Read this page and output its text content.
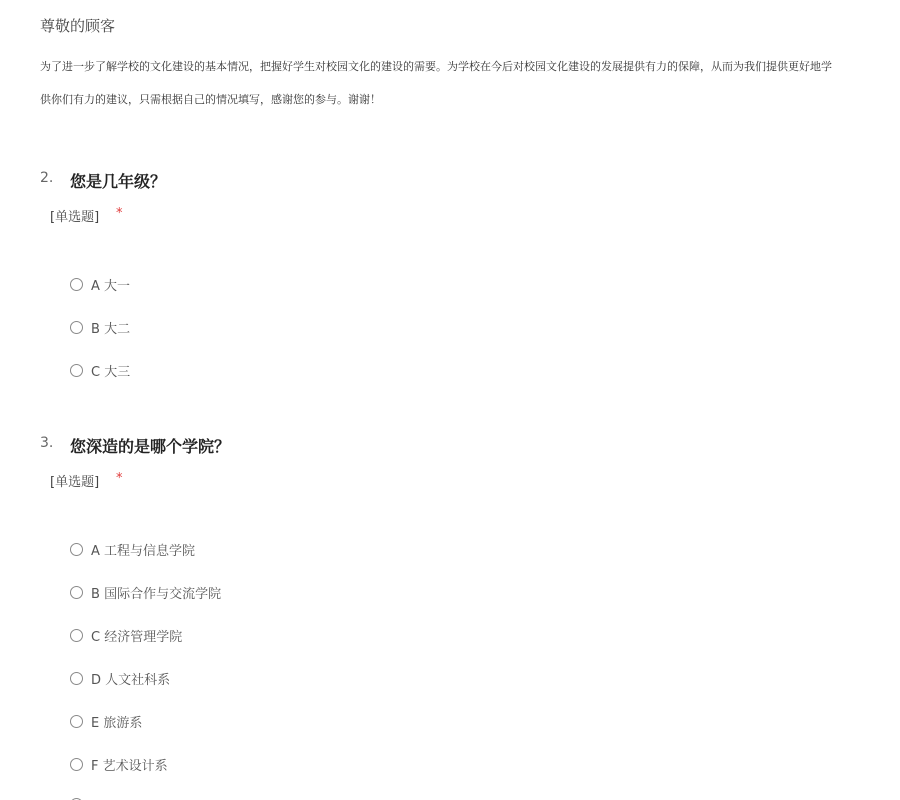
尊敬的顾客
为了进一步了解学校的文化建设的基本情况，把握好学生对校园文化的建设的需要。为学校在今后对校园文化建设的发展提供有力的保障，从而为我们提供更好地学
供你们有力的建议，只需根据自己的情况填写，感谢您的参与。谢谢！
2. 您是几年级？
[单选题] *
A 大一
B 大二
C 大三
3. 您深造的是哪个学院？
[单选题] *
A 工程与信息学院
B 国际合作与交流学院
C 经济管理学院
D 人文社科系
E 旅游系
F 艺术设计系
